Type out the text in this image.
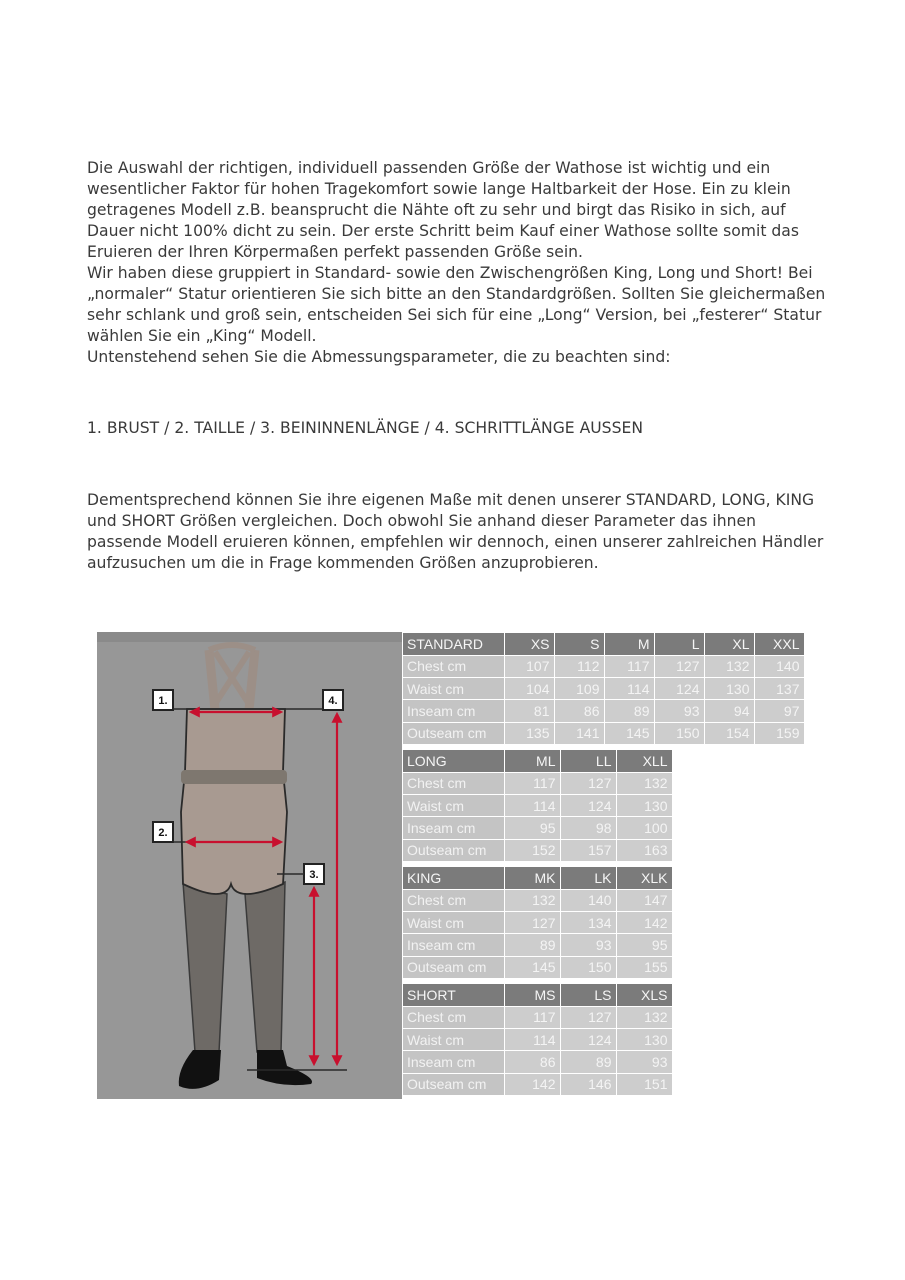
Die Auswahl der richtigen, individuell passenden Größe der Wathose ist wichtig und ein
wesentlicher Faktor für hohen Tragekomfort sowie lange Haltbarkeit der Hose. Ein zu klein
getragenes Modell z.B. beansprucht die Nähte oft zu sehr und birgt das Risiko in sich, auf
Dauer nicht 100% dicht zu sein. Der erste Schritt beim Kauf einer Wathose sollte somit das
Eruieren der Ihren Körpermaßen perfekt passenden Größe sein.
Wir haben diese gruppiert in Standard- sowie den Zwischengrößen King, Long und Short! Bei
„normaler“ Statur orientieren Sie sich bitte an den Standardgrößen. Sollten Sie gleichermaßen
sehr schlank und groß sein, entscheiden Sei sich für eine „Long“ Version, bei „festerer“ Statur
wählen Sie ein „King“ Modell.
Untenstehend sehen Sie die Abmessungsparameter, die zu beachten sind:
1. BRUST / 2. TAILLE / 3. BEININNENLÄNGE / 4. SCHRITTLÄNGE AUSSEN
Dementsprechend können Sie ihre eigenen Maße mit denen unserer STANDARD, LONG, KING
und SHORT Größen vergleichen. Doch obwohl Sie anhand dieser Parameter das ihnen
passende Modell eruieren können, empfehlen wir dennoch, einen unserer zahlreichen Händler
aufzusuchen um die in Frage kommenden Größen anzuprobieren.
1.	4.
2.
3.
STANDARD	XS	S	M	L	XL	XXL
Chest cm	107	112	117	127	132	140
Waist cm	104	109	114	124	130	137
Inseam cm	81	86	89	93	94	97
Outseam cm	135	141	145	150	154	159
LONG	ML	LL	XLL
Chest cm	117	127	132
Waist cm	114	124	130
Inseam cm	95	98	100
Outseam cm	152	157	163
KING	MK	LK	XLK
Chest cm	132	140	147
Waist cm	127	134	142
Inseam cm	89	93	95
Outseam cm	145	150	155
SHORT	MS	LS	XLS
Chest cm	117	127	132
Waist cm	114	124	130
Inseam cm	86	89	93
Outseam cm	142	146	151
